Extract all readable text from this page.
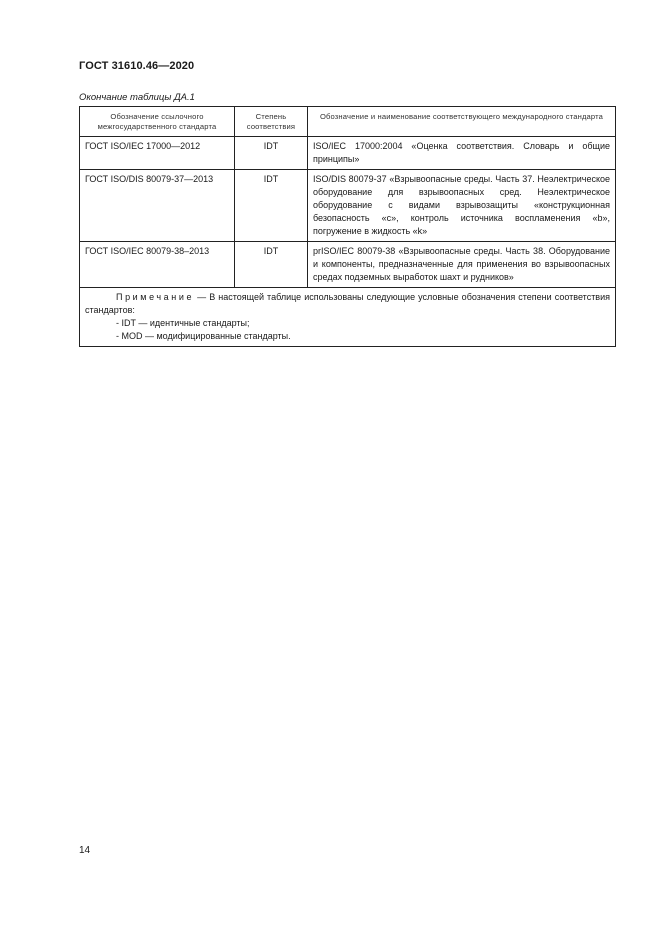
ГОСТ 31610.46—2020
Окончание таблицы ДА.1
Обозначение ссылочного межгосударственного стандарта	Степень соответствия	Обозначение и наименование соответствующего международного стандарта
ГОСТ ISO/IEC 17000—2012	IDT	ISO/IEC 17000:2004 «Оценка соответствия. Словарь и общие принципы»
ГОСТ ISO/DIS 80079-37—2013	IDT	ISO/DIS 80079-37 «Взрывоопасные среды. Часть 37. Неэлектрическое оборудование для взрывоопасных сред. Неэлектрическое оборудование с видами взрывозащиты «конструкционная безопасность «с», контроль источника воспламенения «b», погружение в жидкость «k»
ГОСТ ISO/IEC 80079-38–2013	IDT	prISO/IEC 80079-38 «Взрывоопасные среды. Часть 38. Оборудование и компоненты, предназначенные для применения во взрывоопасных средах подземных выработок шахт и рудников»

Примечание — В настоящей таблице использованы следующие условные обозначения степени соответствия стандартов:
- IDT — идентичные стандарты;
- MOD — модифицированные стандарты.		
14
